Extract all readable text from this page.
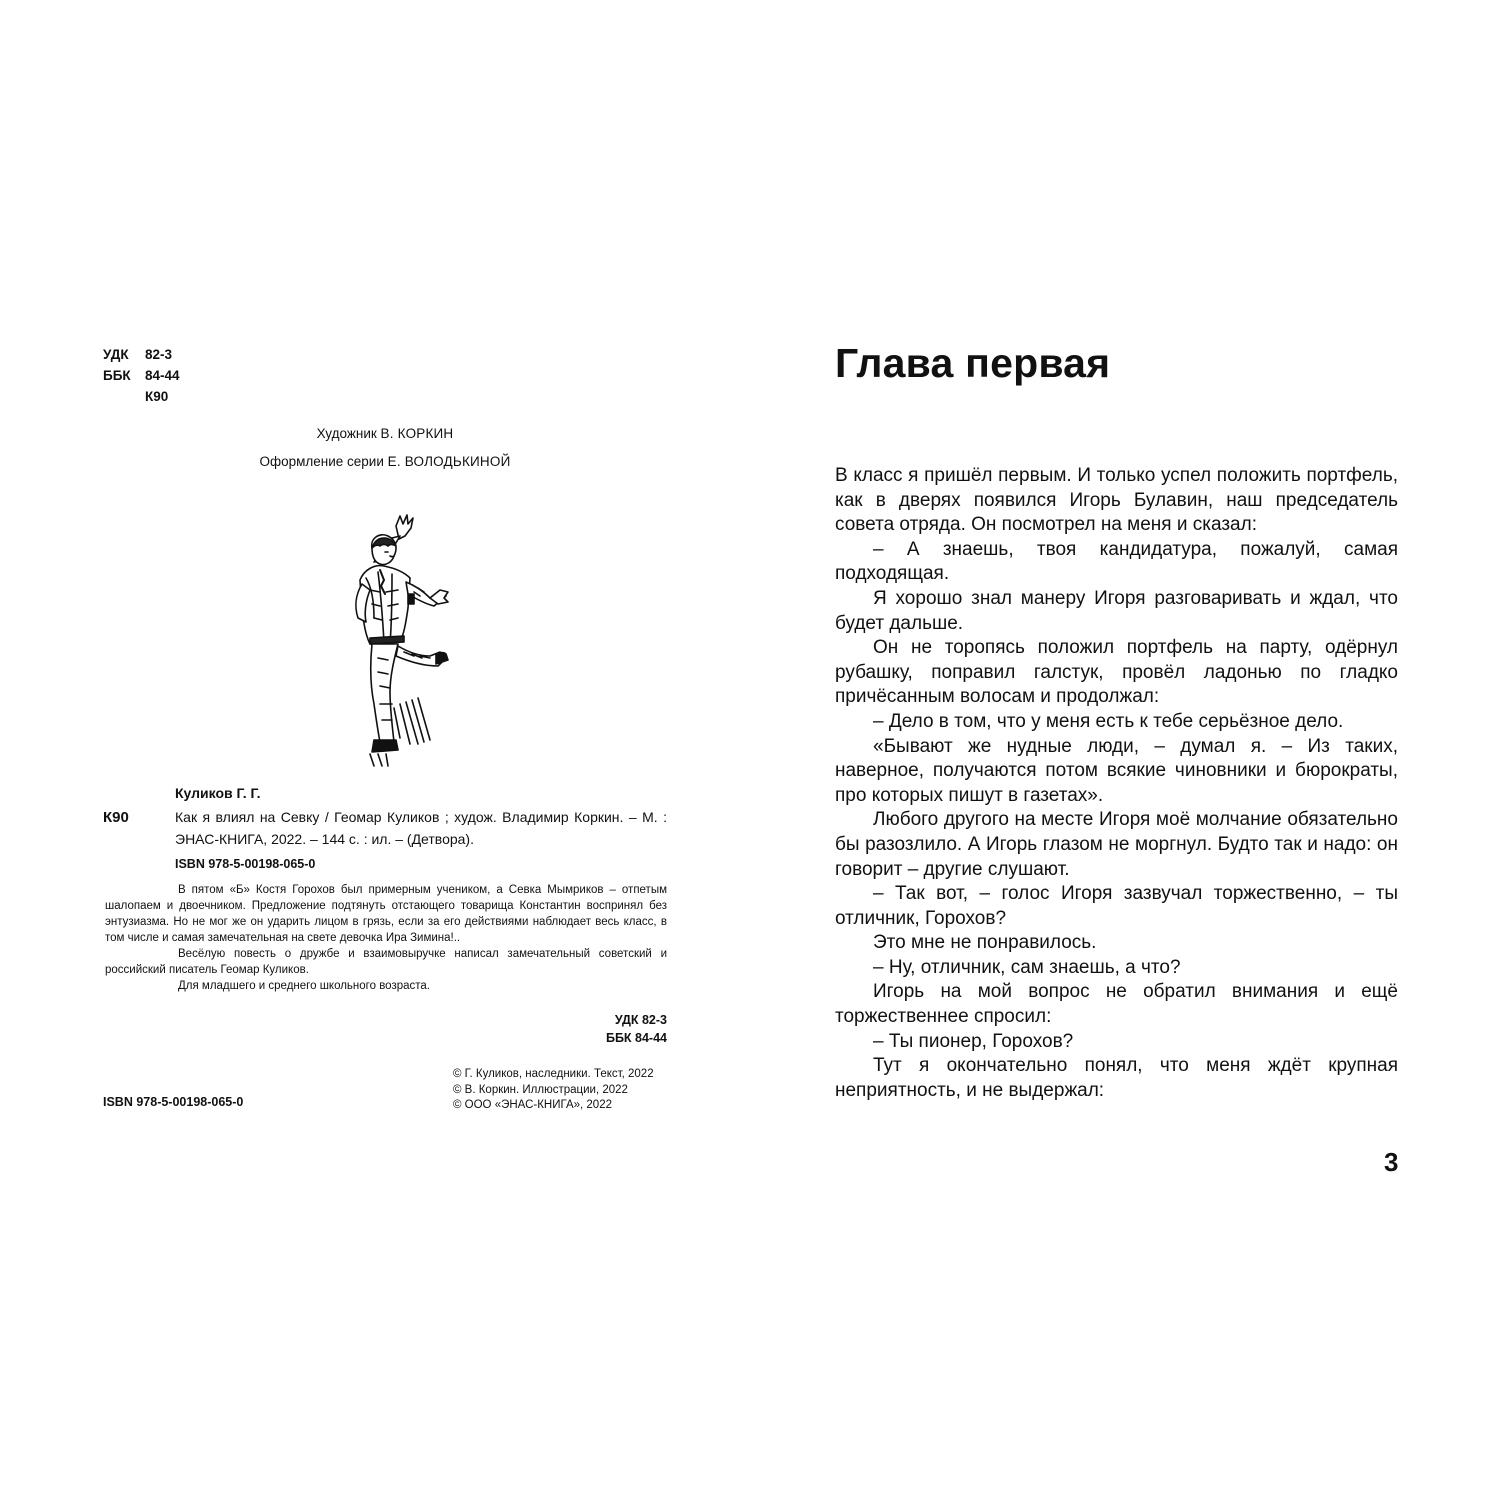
УДК	82-3
ББК	84-44
К90
Художник В. КОРКИН
Оформление серии Е. ВОЛОДЬКИНОЙ
Куликов Г. Г.
К90	Как я влиял на Севку / Геомар Куликов ; худож. Владимир Коркин. – М. : ЭНАС-КНИГА, 2022. – 144 с. : ил. – (Детвора).
ISBN 978-5-00198-065-0

В пятом «Б» Костя Горохов был примерным учеником, а Севка Мымриков – отпетым шалопаем и двоечником. Предложение подтянуть отстающего товарища Константин воспринял без энтузиазма. Но не мог же он ударить лицом в грязь, если за его действиями наблюдает весь класс, в том числе и самая замечательная на свете девочка Ира Зимина!..

Весёлую повесть о дружбе и взаимовыручке написал замечательный советский и российский писатель Геомар Куликов.

Для младшего и среднего школьного возраста.

УДК 82-3
ББК 84-44
© Г. Куликов, наследники. Текст, 2022
© В. Коркин. Иллюстрации, 2022
© ООО «ЭНАС-КНИГА», 2022
ISBN 978-5-00198-065-0
Глава первая

В класс я пришёл первым. И только успел положить портфель, как в дверях появился Игорь Булавин, наш председатель совета отряда. Он посмотрел на меня и сказал:

– А знаешь, твоя кандидатура, пожалуй, самая подходящая.

Я хорошо знал манеру Игоря разговаривать и ждал, что будет дальше.

Он не торопясь положил портфель на парту, одёрнул рубашку, поправил галстук, провёл ладонью по гладко причёсанным волосам и продолжал:

– Дело в том, что у меня есть к тебе серьёзное дело.

«Бывают же нудные люди, – думал я. – Из таких, наверное, получаются потом всякие чиновники и бюрократы, про которых пишут в газетах».

Любого другого на месте Игоря моё молчание обязательно бы разозлило. А Игорь глазом не моргнул. Будто так и надо: он говорит – другие слушают.

– Так вот, – голос Игоря зазвучал торжественно, – ты отличник, Горохов?

Это мне не понравилось.

– Ну, отличник, сам знаешь, а что?

Игорь на мой вопрос не обратил внимания и ещё торжественнее спросил:

– Ты пионер, Горохов?

Тут я окончательно понял, что меня ждёт крупная неприятность, и не выдержал:

3
